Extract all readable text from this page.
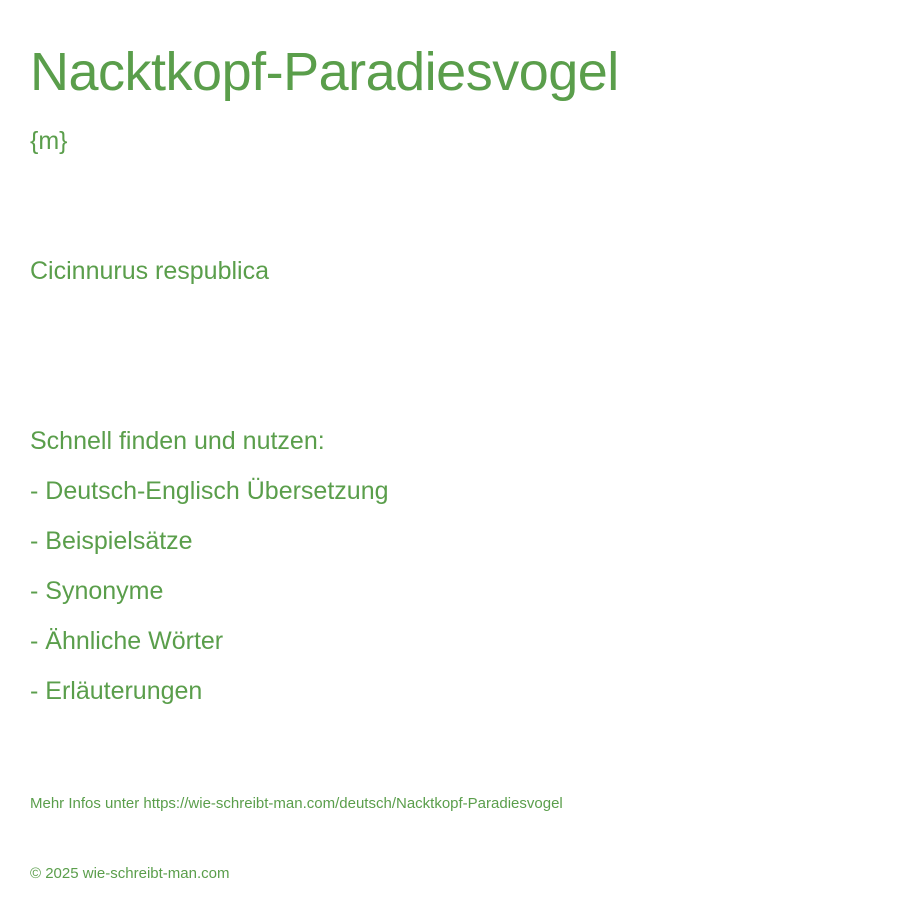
Nacktkopf-Paradiesvogel
{m}
Cicinnurus respublica
Schnell finden und nutzen:
- Deutsch-Englisch Übersetzung
- Beispielsätze
- Synonyme
- Ähnliche Wörter
- Erläuterungen
Mehr Infos unter https://wie-schreibt-man.com/deutsch/Nacktkopf-Paradiesvogel
© 2025 wie-schreibt-man.com
